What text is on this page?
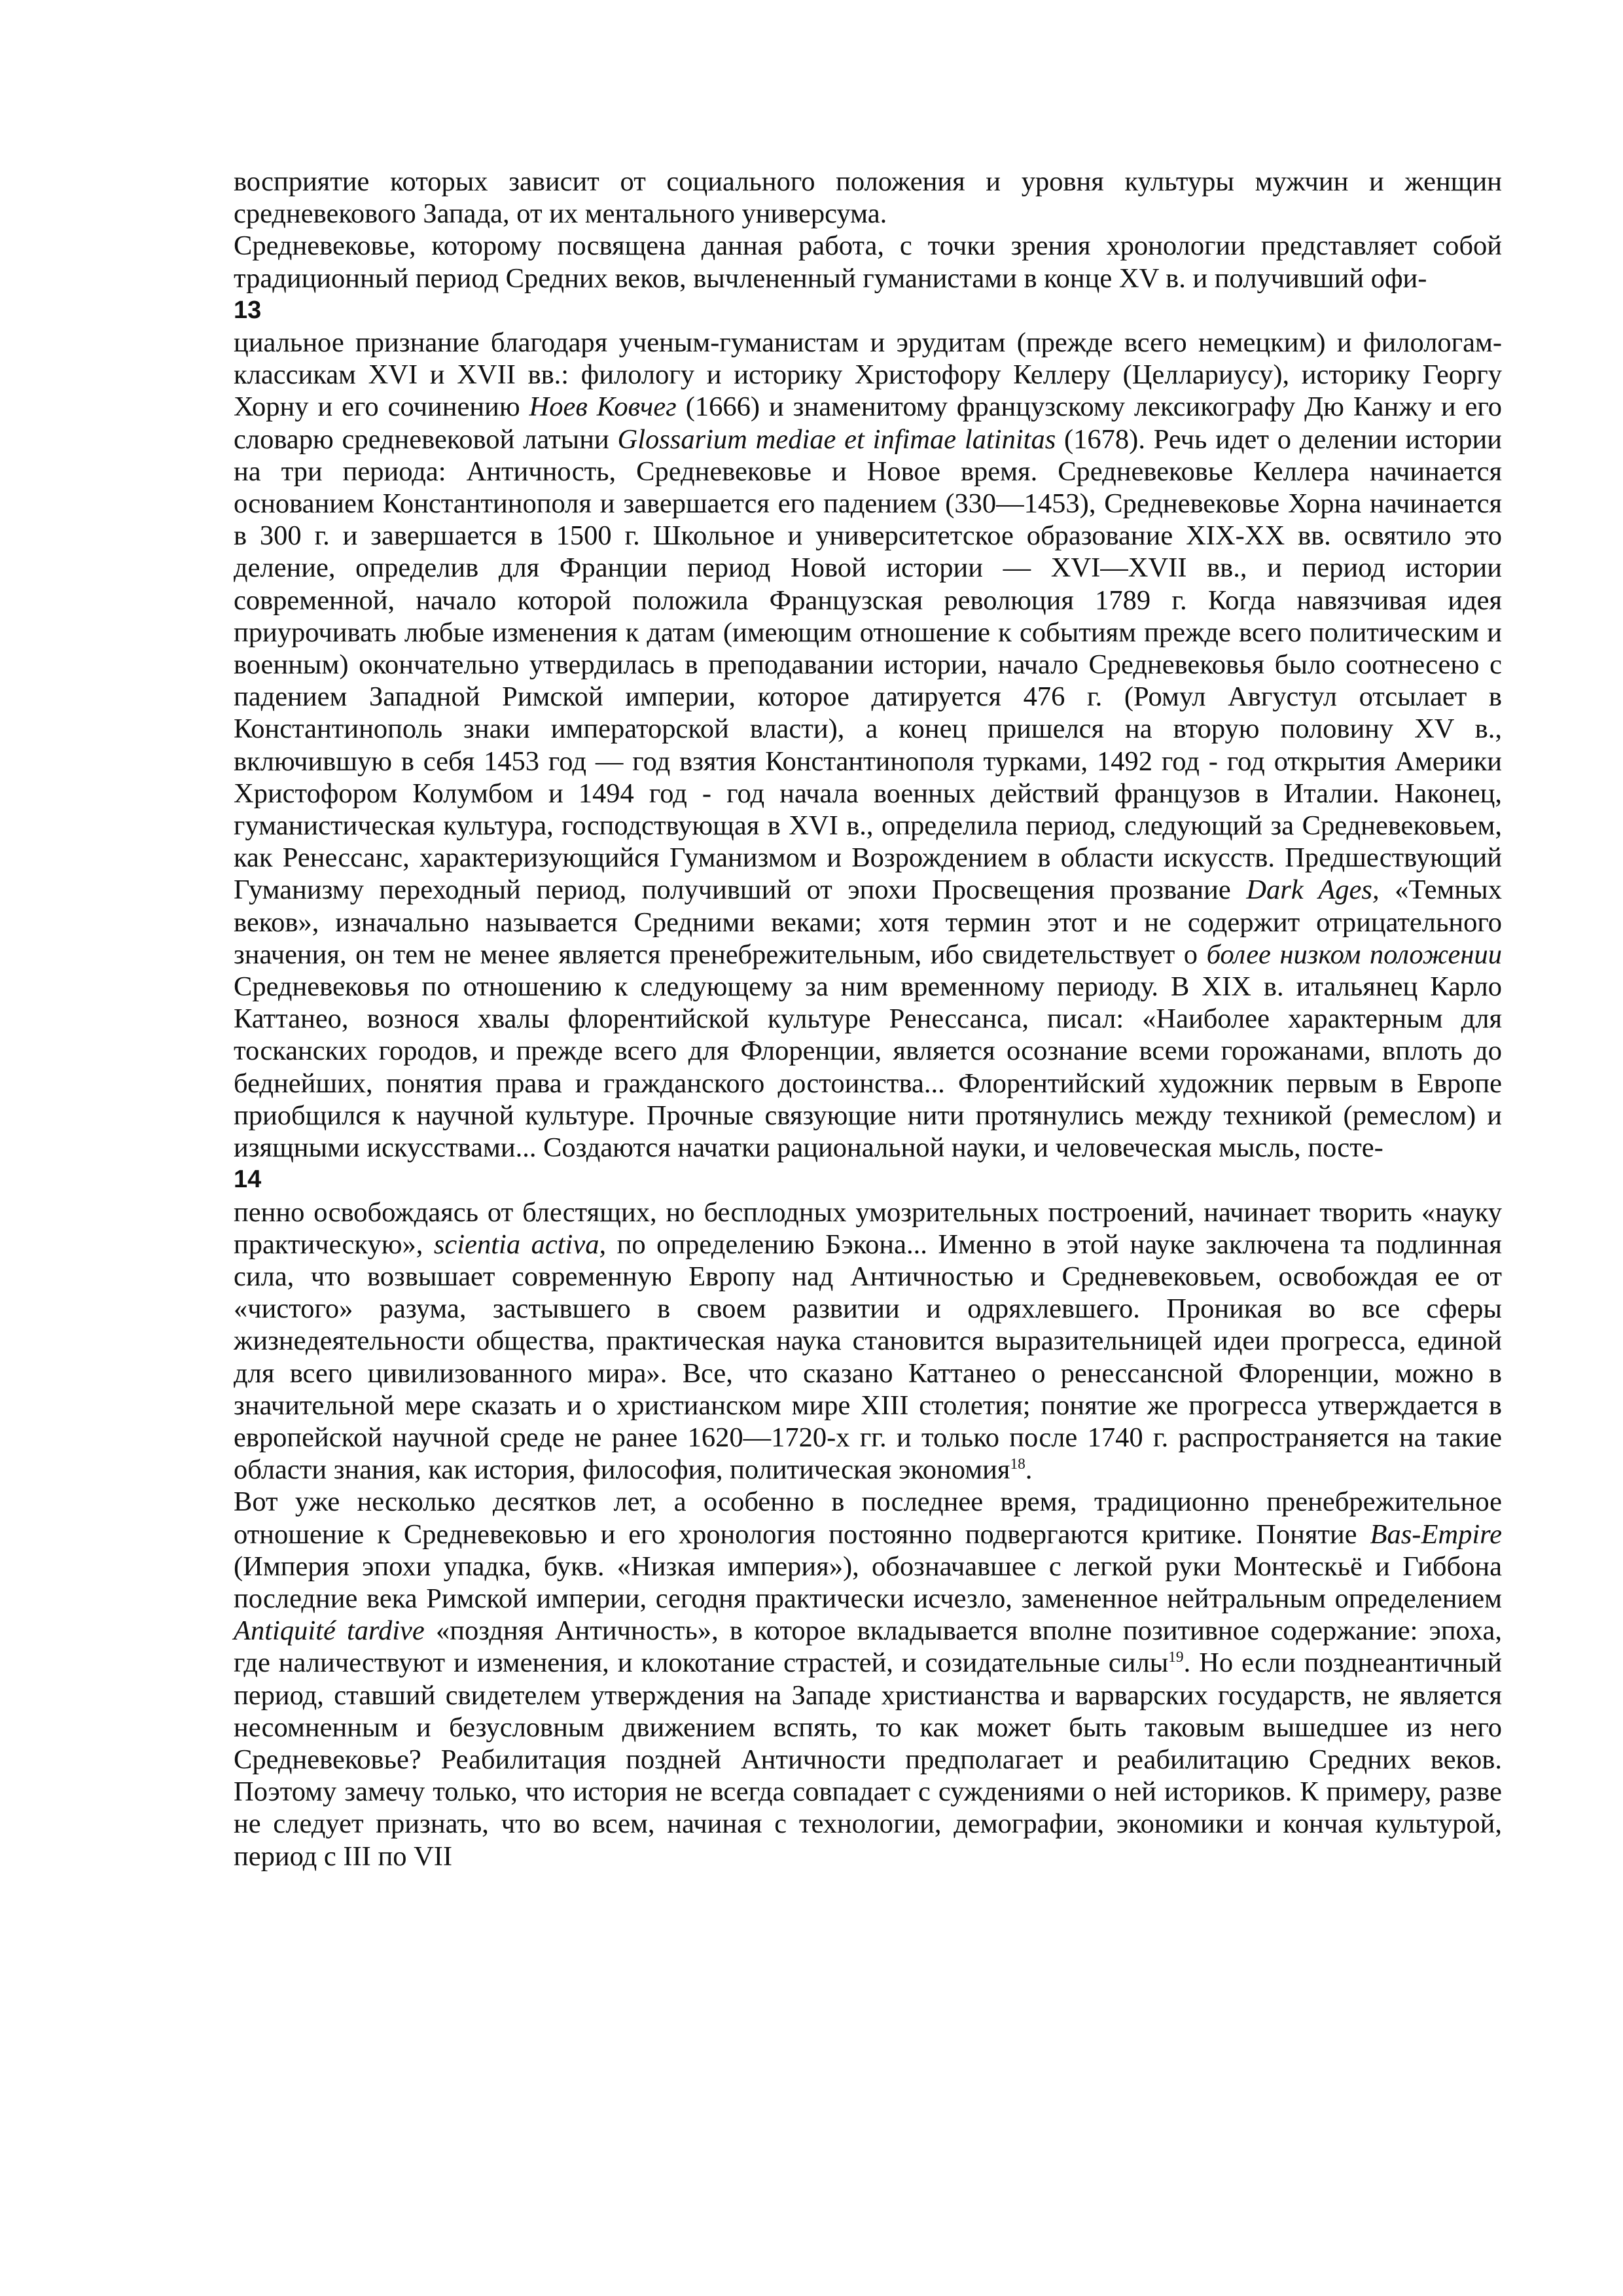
восприятие которых зависит от социального положения и уровня культуры мужчин и женщин средневекового Запада, от их ментального универсума.

Средневековье, которому посвящена данная работа, с точки зрения хронологии представляет собой традиционный период Средних веков, вычлененный гуманистами в конце XV в. и получивший офи-

13

циальное признание благодаря ученым-гуманистам и эрудитам (прежде всего немецким) и филологам-классикам XVI и XVII вв.: филологу и историку Христофору Келлеру (Целлариусу), историку Георгу Хорну и его сочинению Ноев Ковчег (1666) и знаменитому французскому лексикографу Дю Канжу и его словарю средневековой латыни Glossarium mediae et infimae latinitas (1678). Речь идет о делении истории на три периода: Античность, Средневековье и Новое время. Средневековье Келлера начинается основанием Константинополя и завершается его падением (330—1453), Средневековье Хорна начинается в 300 г. и завершается в 1500 г. Школьное и университетское образование XIX-XX вв. освятило это деление, определив для Франции период Новой истории — XVI—XVII вв., и период истории современной, начало которой положила Французская революция 1789 г. Когда навязчивая идея приурочивать любые изменения к датам (имеющим отношение к событиям прежде всего политическим и военным) окончательно утвердилась в преподавании истории, начало Средневековья было соотнесено с падением Западной Римской империи, которое датируется 476 г. (Ромул Августул отсылает в Константинополь знаки императорской власти), а конец пришелся на вторую половину XV в., включившую в себя 1453 год — год взятия Константинополя турками, 1492 год - год открытия Америки Христофором Колумбом и 1494 год - год начала военных действий французов в Италии. Наконец, гуманистическая культура, господствующая в XVI в., определила период, следующий за Средневековьем, как Ренессанс, характеризующийся Гуманизмом и Возрождением в области искусств. Предшествующий Гуманизму переходный период, получивший от эпохи Просвещения прозвание Dark Ages, «Темных веков», изначально называется Средними веками; хотя термин этот и не содержит отрицательного значения, он тем не менее является пренебрежительным, ибо свидетельствует о более низком положении Средневековья по отношению к следующему за ним временному периоду. В XIX в. итальянец Карло Каттанео, вознося хвалы флорентийской культуре Ренессанса, писал: «Наиболее характерным для тосканских городов, и прежде всего для Флоренции, является осознание всеми горожанами, вплоть до беднейших, понятия права и гражданского достоинства... Флорентийский художник первым в Европе приобщился к научной культуре. Прочные связующие нити протянулись между техникой (ремеслом) и изящными искусствами... Создаются начатки рациональной науки, и человеческая мысль, посте-

14

пенно освобождаясь от блестящих, но бесплодных умозрительных построений, начинает творить «науку практическую», scientia activa, по определению Бэкона... Именно в этой науке заключена та подлинная сила, что возвышает современную Европу над Античностью и Средневековьем, освобождая ее от «чистого» разума, застывшего в своем развитии и одряхлевшего. Проникая во все сферы жизнедеятельности общества, практическая наука становится выразительницей идеи прогресса, единой для всего цивилизованного мира». Все, что сказано Каттанео о ренессансной Флоренции, можно в значительной мере сказать и о христианском мире XIII столетия; понятие же прогресса утверждается в европейской научной среде не ранее 1620—1720-х гг. и только после 1740 г. распространяется на такие области знания, как история, философия, политическая экономия$^{18}$.

Вот уже несколько десятков лет, а особенно в последнее время, традиционно пренебрежительное отношение к Средневековью и его хронология постоянно подвергаются критике. Понятие Bas-Empire (Империя эпохи упадка, букв. «Низкая империя»), обозначавшее с легкой руки Монтескьё и Гиббона последние века Римской империи, сегодня практически исчезло, замененное нейтральным определением Antiquité tardive «поздняя Античность», в которое вкладывается вполне позитивное содержание: эпоха, где наличествуют и изменения, и клокотание страстей, и созидательные силы$^{19}$. Но если позднеантичный период, ставший свидетелем утверждения на Западе христианства и варварских государств, не является несомненным и безусловным движением вспять, то как может быть таковым вышедшее из него Средневековье? Реабилитация поздней Античности предполагает и реабилитацию Средних веков. Поэтому замечу только, что история не всегда совпадает с суждениями о ней историков. К примеру, разве не следует признать, что во всем, начиная с технологии, демографии, экономики и кончая культурой, период с III по VII
